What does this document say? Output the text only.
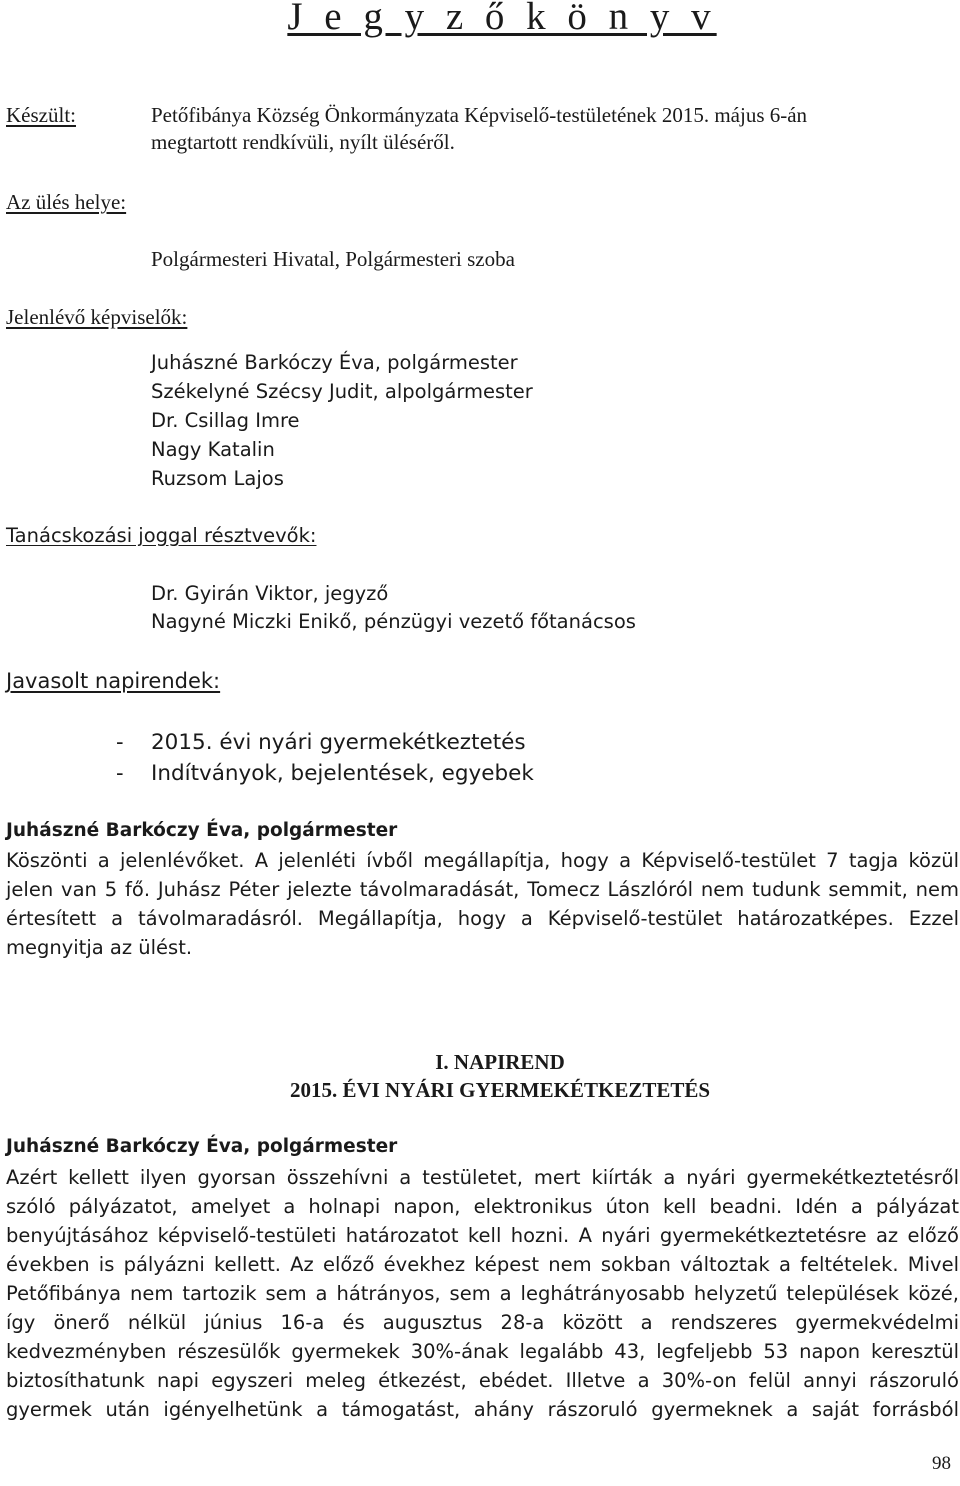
J e g y z ő k ö n y v
Készült:	Petőfibánya Község Önkormányzata Képviselő-testületének 2015. május 6-án
megtartott rendkívüli, nyílt üléséről.
Az ülés helye:
Polgármesteri Hivatal, Polgármesteri szoba
Jelenlévő képviselők:
Juhászné Barkóczy Éva, polgármester
Székelyné Szécsy Judit, alpolgármester
Dr. Csillag Imre
Nagy Katalin
Ruzsom Lajos
Tanácskozási joggal résztvevők:
Dr. Gyirán Viktor, jegyző
Nagyné Miczki Enikő, pénzügyi vezető főtanácsos
Javasolt napirendek:
- 2015. évi nyári gyermekétkeztetés
- Indítványok, bejelentések, egyebek
Juhászné Barkóczy Éva, polgármester
Köszönti a jelenlévőket. A jelenléti ívből megállapítja, hogy a Képviselő-testület 7 tagja közül
jelen van 5 fő. Juhász Péter jelezte távolmaradását, Tomecz Lászlóról nem tudunk semmit, nem
értesített a távolmaradásról. Megállapítja, hogy a Képviselő-testület határozatképes. Ezzel
megnyitja az ülést.
I. NAPIREND
2015. ÉVI NYÁRI GYERMEKÉTKEZTETÉS
Juhászné Barkóczy Éva, polgármester
Azért kellett ilyen gyorsan összehívni a testületet, mert kiírták a nyári gyermekétkeztetésről
szóló pályázatot, amelyet a holnapi napon, elektronikus úton kell beadni. Idén a pályázat
benyújtásához képviselő-testületi határozatot kell hozni. A nyári gyermekétkeztetésre az előző
években is pályázni kellett. Az előző évekhez képest nem sokban változtak a feltételek. Mivel
Petőfibánya nem tartozik sem a hátrányos, sem a leghátrányosabb helyzetű települések közé,
így önerő nélkül június 16-a és augusztus 28-a között a rendszeres gyermekvédelmi
kedvezményben részesülők gyermekek 30%-ának legalább 43, legfeljebb 53 napon keresztül
biztosíthatunk napi egyszeri meleg étkezést, ebédet. Illetve a 30%-on felül annyi rászoruló
gyermek után igényelhetünk a támogatást, ahány rászoruló gyermeknek a saját forrásból
98
